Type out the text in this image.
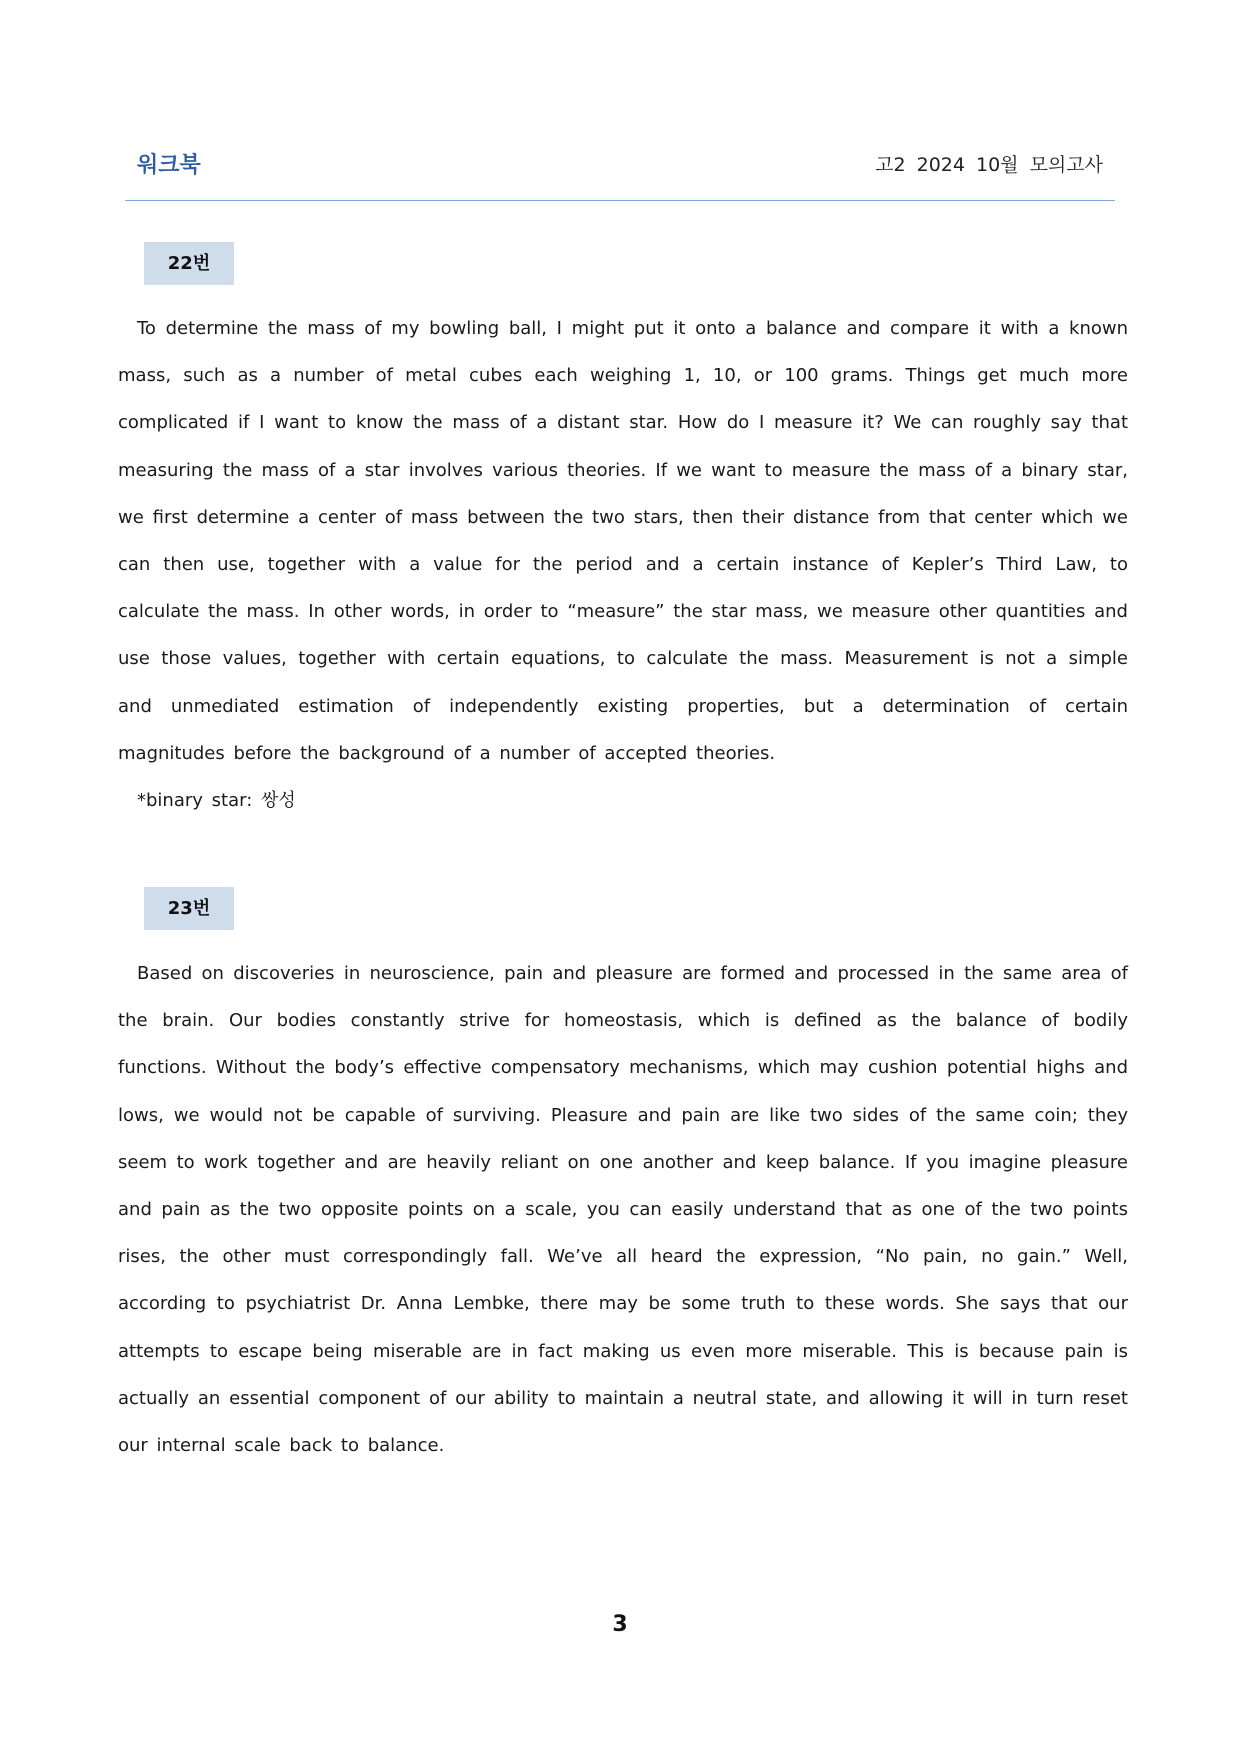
워크북	고2 2024 10월 모의고사
22번

To determine the mass of my bowling ball, I might put it onto a balance and compare it with a known mass, such as a number of metal cubes each weighing 1, 10, or 100 grams. Things get much more complicated if I want to know the mass of a distant star. How do I measure it? We can roughly say that measuring the mass of a star involves various theories. If we want to measure the mass of a binary star, we first determine a center of mass between the two stars, then their distance from that center which we can then use, together with a value for the period and a certain instance of Kepler’s Third Law, to calculate the mass. In other words, in order to “measure” the star mass, we measure other quantities and use those values, together with certain equations, to calculate the mass. Measurement is not a simple and unmediated estimation of independently existing properties, but a determination of certain magnitudes before the background of a number of accepted theories.

*binary star: 쌍성

23번

Based on discoveries in neuroscience, pain and pleasure are formed and processed in the same area of the brain. Our bodies constantly strive for homeostasis, which is defined as the balance of bodily functions. Without the body’s effective compensatory mechanisms, which may cushion potential highs and lows, we would not be capable of surviving. Pleasure and pain are like two sides of the same coin; they seem to work together and are heavily reliant on one another and keep balance. If you imagine pleasure and pain as the two opposite points on a scale, you can easily understand that as one of the two points rises, the other must correspondingly fall. We’ve all heard the expression, “No pain, no gain.” Well, according to psychiatrist Dr. Anna Lembke, there may be some truth to these words. She says that our attempts to escape being miserable are in fact making us even more miserable. This is because pain is actually an essential component of our ability to maintain a neutral state, and allowing it will in turn reset our internal scale back to balance.

3
